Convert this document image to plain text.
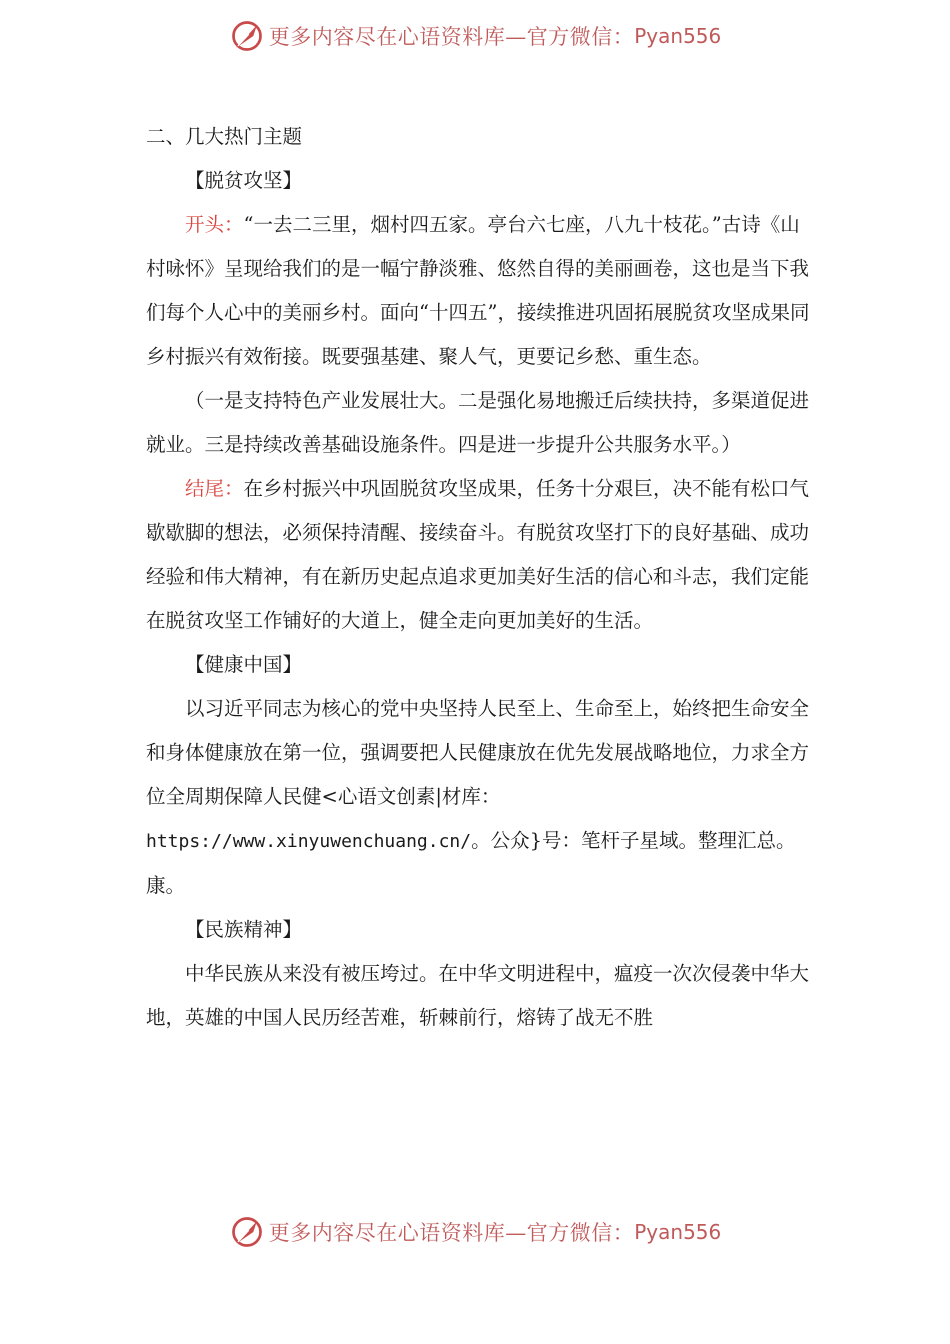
更多内容尽在心语资料库—官方微信： Pyan556

二、几大热门主题

【脱贫攻坚】

开头：“一去二三里，烟村四五家。亭台六七座，八九十枝花。”古诗《山村咏怀》呈现给我们的是一幅宁静淡雅、悠然自得的美丽画卷，这也是当下我们每个人心中的美丽乡村。面向“十四五”，接续推进巩固拓展脱贫攻坚成果同乡村振兴有效衔接。既要强基建、聚人气，更要记乡愁、重生态。

（一是支持特色产业发展壮大。二是强化易地搬迁后续扶持，多渠道促进就业。三是持续改善基础设施条件。四是进一步提升公共服务水平。）

结尾：在乡村振兴中巩固脱贫攻坚成果，任务十分艰巨，决不能有松口气歇歇脚的想法，必须保持清醒、接续奋斗。有脱贫攻坚打下的良好基础、成功经验和伟大精神，有在新历史起点追求更加美好生活的信心和斗志，我们定能在脱贫攻坚工作铺好的大道上，健全走向更加美好的生活。

【健康中国】

以习近平同志为核心的党中央坚持人民至上、生命至上，始终把生命安全和身体健康放在第一位，强调要把人民健康放在优先发展战略地位，力求全方位全周期保障人民健<心语文创素|材库：https://www.xinyuwenchuang.cn/。公众}号：笔杆子星域。整理汇总。康。

【民族精神】

中华民族从来没有被压垮过。在中华文明进程中，瘟疫一次次侵袭中华大地，英雄的中国人民历经苦难，斩棘前行，熔铸了战无不胜

更多内容尽在心语资料库—官方微信： Pyan556
